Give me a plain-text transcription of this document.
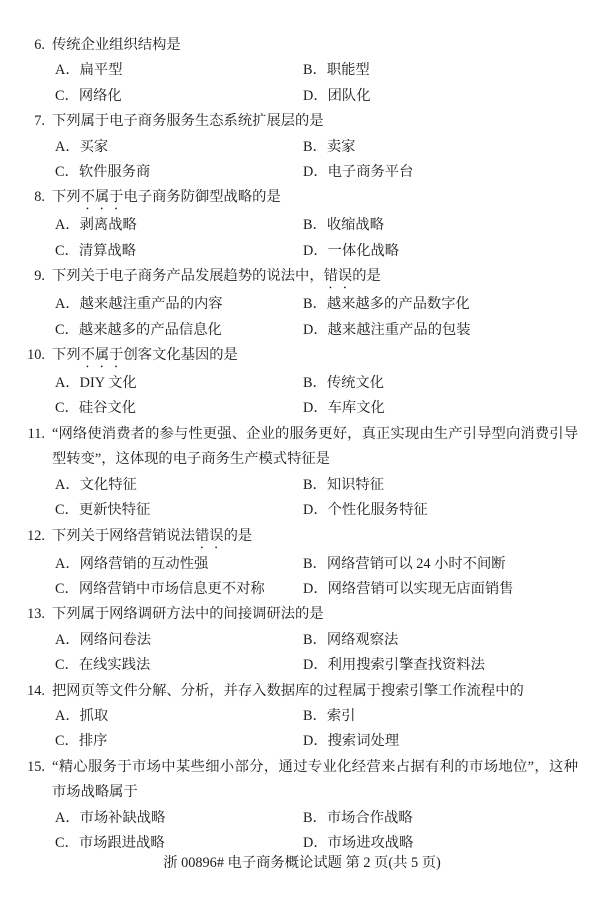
6. 传统企业组织结构是
A． 扁平型	B． 职能型
C． 网络化	D． 团队化
7. 下列属于电子商务服务生态系统扩展层的是
A． 买家	B． 卖家
C． 软件服务商	D． 电子商务平台
8. 下列不属于电子商务防御型战略的是
A． 剥离战略	B． 收缩战略
C． 清算战略	D． 一体化战略
9. 下列关于电子商务产品发展趋势的说法中，错误的是
A． 越来越注重产品的内容	B． 越来越多的产品数字化
C． 越来越多的产品信息化	D． 越来越注重产品的包装
10. 下列不属于创客文化基因的是
A． DIY 文化	B． 传统文化
C． 硅谷文化	D． 车库文化
11. “网络使消费者的参与性更强、企业的服务更好，真正实现由生产引导型向消费引导型转变”，这体现的电子商务生产模式特征是
A． 文化特征	B． 知识特征
C． 更新快特征	D． 个性化服务特征
12. 下列关于网络营销说法错误的是
A． 网络营销的互动性强	B． 网络营销可以 24 小时不间断
C． 网络营销中市场信息更不对称	D． 网络营销可以实现无店面销售
13. 下列属于网络调研方法中的间接调研法的是
A． 网络问卷法	B． 网络观察法
C． 在线实践法	D． 利用搜索引擎查找资料法
14. 把网页等文件分解、分析，并存入数据库的过程属于搜索引擎工作流程中的
A． 抓取	B． 索引
C． 排序	D． 搜索词处理
15. “精心服务于市场中某些细小部分，通过专业化经营来占据有利的市场地位”，这种市场战略属于
A． 市场补缺战略	B． 市场合作战略
C． 市场跟进战略	D． 市场进攻战略
浙 00896# 电子商务概论试题 第 2 页(共 5 页)
